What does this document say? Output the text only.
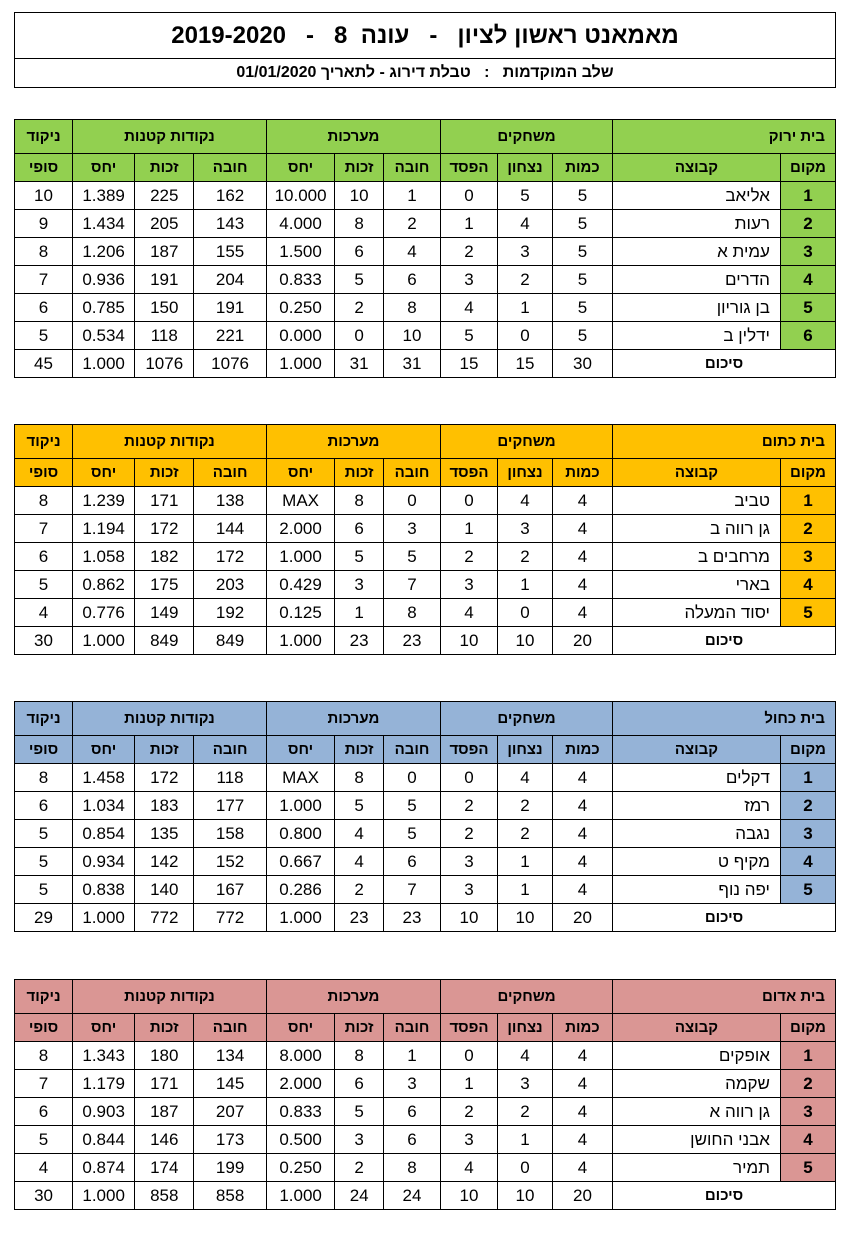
מאמאנט ראשון לציון   -   עונה  8   -   2019-2020
שלב המוקדמות   :   טבלת דירוג - לתאריך 01/01/2020
ניקוד	נקודות קטנות			מערכות			משחקים			בית ירוק	
סופי	יחס	זכות	חובה	יחס	זכות	חובה	הפסד	נצחון	כמות	קבוצה	מקום
10	1.389	225	162	10.000	10	1	0	5	5	אליאב	1
9	1.434	205	143	4.000	8	2	1	4	5	רעות	2
8	1.206	187	155	1.500	6	4	2	3	5	עמית א	3
7	0.936	191	204	0.833	5	6	3	2	5	הדרים	4
6	0.785	150	191	0.250	2	8	4	1	5	בן גוריון	5
5	0.534	118	221	0.000	0	10	5	0	5	ידלין ב	6
45	1.000	1076	1076	1.000	31	31	15	15	30	סיכום	
ניקוד	נקודות קטנות			מערכות			משחקים			בית כתום	
סופי	יחס	זכות	חובה	יחס	זכות	חובה	הפסד	נצחון	כמות	קבוצה	מקום
8	1.239	171	138	MAX	8	0	0	4	4	טביב	1
7	1.194	172	144	2.000	6	3	1	3	4	גן רווה ב	2
6	1.058	182	172	1.000	5	5	2	2	4	מרחבים ב	3
5	0.862	175	203	0.429	3	7	3	1	4	בארי	4
4	0.776	149	192	0.125	1	8	4	0	4	יסוד המעלה	5
30	1.000	849	849	1.000	23	23	10	10	20	סיכום	
ניקוד	נקודות קטנות			מערכות			משחקים			בית כחול	
סופי	יחס	זכות	חובה	יחס	זכות	חובה	הפסד	נצחון	כמות	קבוצה	מקום
8	1.458	172	118	MAX	8	0	0	4	4	דקלים	1
6	1.034	183	177	1.000	5	5	2	2	4	רמז	2
5	0.854	135	158	0.800	4	5	2	2	4	נגבה	3
5	0.934	142	152	0.667	4	6	3	1	4	מקיף ט	4
5	0.838	140	167	0.286	2	7	3	1	4	יפה נוף	5
29	1.000	772	772	1.000	23	23	10	10	20	סיכום	
ניקוד	נקודות קטנות			מערכות			משחקים			בית אדום	
סופי	יחס	זכות	חובה	יחס	זכות	חובה	הפסד	נצחון	כמות	קבוצה	מקום
8	1.343	180	134	8.000	8	1	0	4	4	אופקים	1
7	1.179	171	145	2.000	6	3	1	3	4	שקמה	2
6	0.903	187	207	0.833	5	6	2	2	4	גן רווה א	3
5	0.844	146	173	0.500	3	6	3	1	4	אבני החושן	4
4	0.874	174	199	0.250	2	8	4	0	4	תמיר	5
30	1.000	858	858	1.000	24	24	10	10	20	סיכום	
